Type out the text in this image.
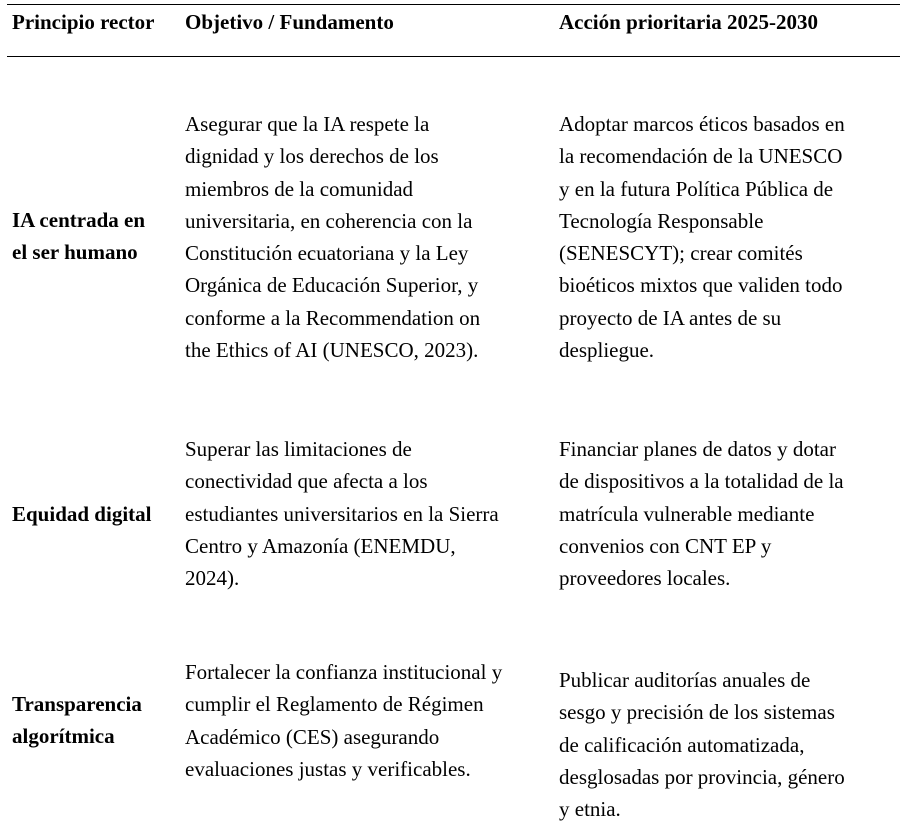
Principio rector Objetivo / Fundamento	Acción prioritaria 2025-2030
IA centrada en
el ser humano
Asegurar que la IA respete la
dignidad y los derechos de los
miembros de la comunidad
universitaria, en coherencia con la
Constitución ecuatoriana y la Ley
Orgánica de Educación Superior, y
conforme a la Recommendation on
the Ethics of AI (UNESCO, 2023).
Adoptar marcos éticos basados en
la recomendación de la UNESCO
y en la futura Política Pública de
Tecnología Responsable
(SENESCYT); crear comités
bioéticos mixtos que validen todo
proyecto de IA antes de su
despliegue.
Equidad digital
Superar las limitaciones de
conectividad que afecta a los
estudiantes universitarios en la Sierra
Centro y Amazonía (ENEMDU,
2024).
Financiar planes de datos y dotar
de dispositivos a la totalidad de la
matrícula vulnerable mediante
convenios con CNT EP y
proveedores locales.
Transparencia
algorítmica
Fortalecer la confianza institucional y
cumplir el Reglamento de Régimen
Académico (CES) asegurando
evaluaciones justas y verificables.
Publicar auditorías anuales de
sesgo y precisión de los sistemas
de calificación automatizada,
desglosadas por provincia, género
y etnia.
